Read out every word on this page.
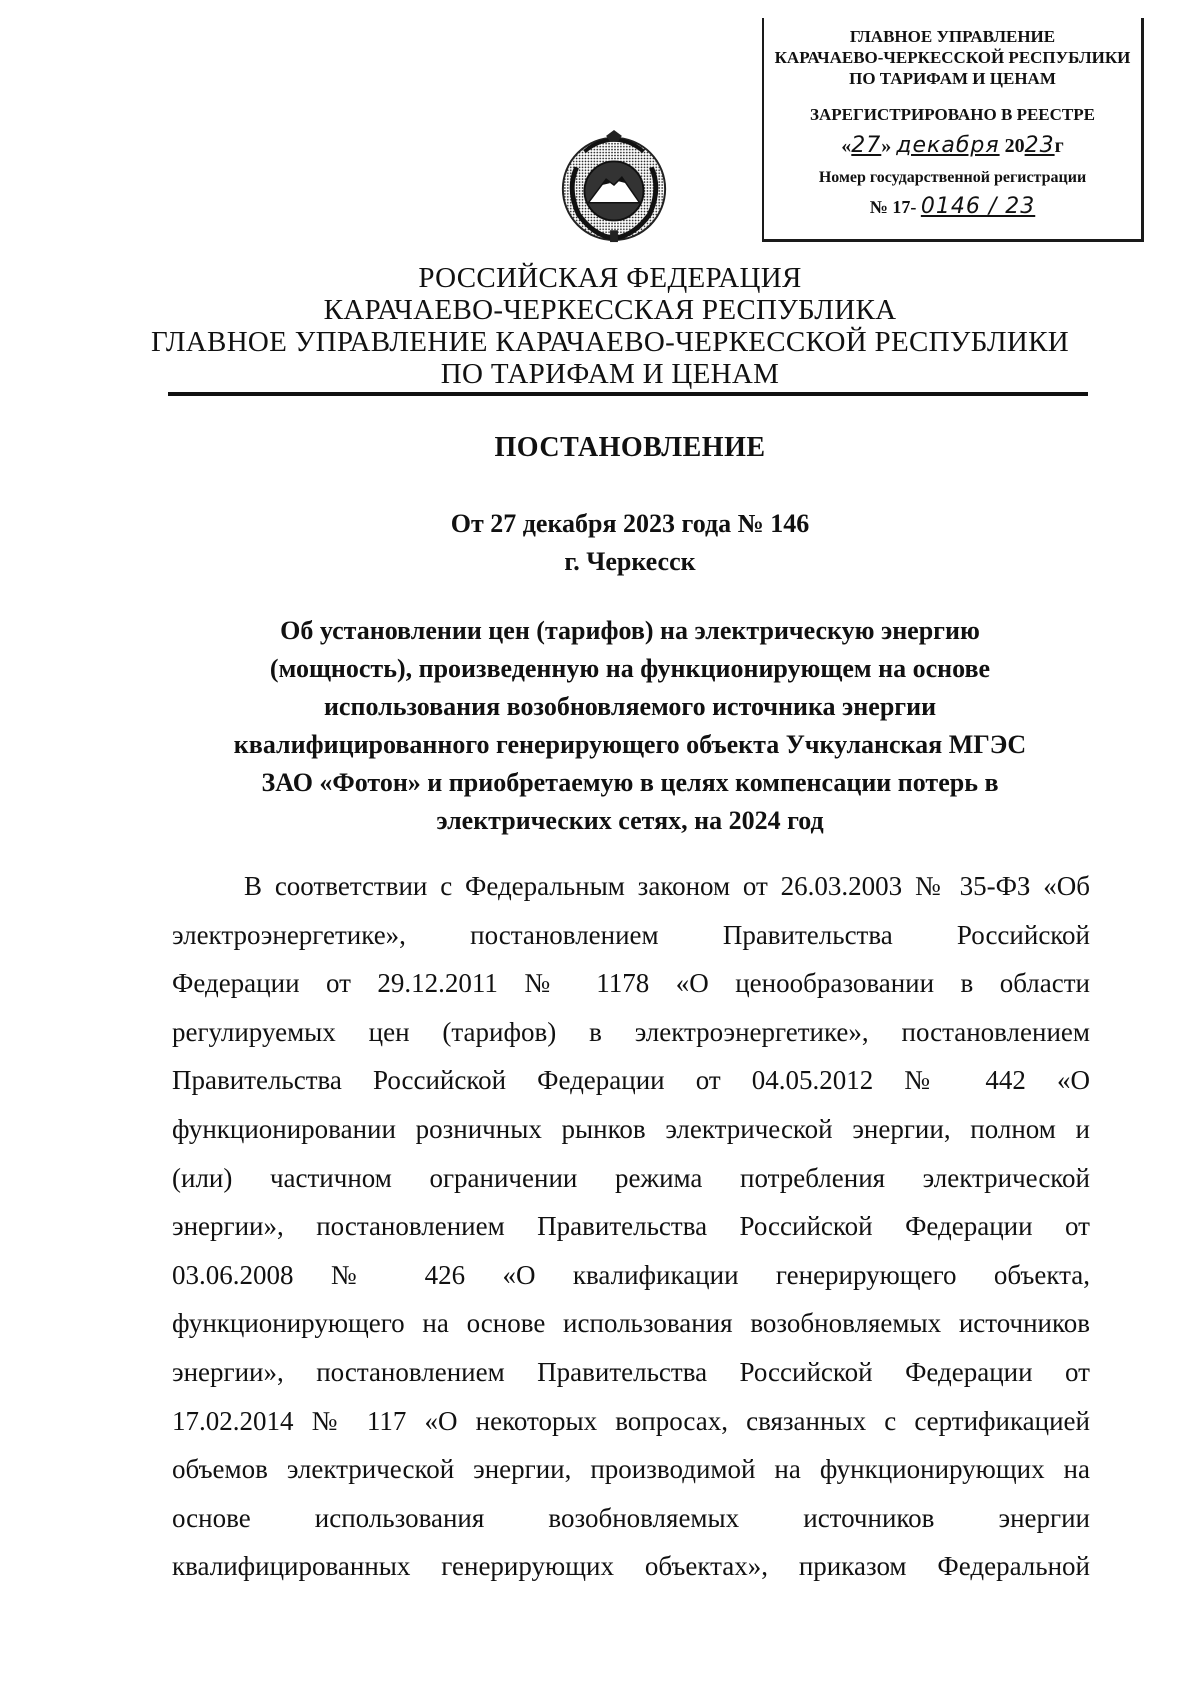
ГЛАВНОЕ УПРАВЛЕНИЕ
КАРАЧАЕВО-ЧЕРКЕССКОЙ РЕСПУБЛИКИ
ПО ТАРИФАМ И ЦЕНАМ
ЗАРЕГИСТРИРОВАНО В РЕЕСТРЕ
«27» декабря 2023г
Номер государственной регистрации
№ 17- 0146 / 23
РОССИЙСКАЯ ФЕДЕРАЦИЯ
КАРАЧАЕВО-ЧЕРКЕССКАЯ РЕСПУБЛИКА
ГЛАВНОЕ УПРАВЛЕНИЕ КАРАЧАЕВО-ЧЕРКЕССКОЙ РЕСПУБЛИКИ
ПО ТАРИФАМ И ЦЕНАМ
ПОСТАНОВЛЕНИЕ
От 27 декабря 2023 года № 146
г. Черкесск
Об установлении цен (тарифов) на электрическую энергию
(мощность), произведенную на функционирующем на основе
использования возобновляемого источника энергии
квалифицированного генерирующего объекта Учкуланская МГЭС
ЗАО «Фотон» и приобретаемую в целях компенсации потерь в
электрических сетях, на 2024 год
В соответствии с Федеральным законом от 26.03.2003 № 35-ФЗ «Об
электроэнергетике», постановлением Правительства Российской
Федерации от 29.12.2011 № 1178 «О ценообразовании в области
регулируемых цен (тарифов) в электроэнергетике», постановлением
Правительства Российской Федерации от 04.05.2012 № 442 «О
функционировании розничных рынков электрической энергии, полном и
(или) частичном ограничении режима потребления электрической
энергии», постановлением Правительства Российской Федерации от
03.06.2008 № 426 «О квалификации генерирующего объекта,
функционирующего на основе использования возобновляемых источников
энергии», постановлением Правительства Российской Федерации от
17.02.2014 № 117 «О некоторых вопросах, связанных с сертификацией
объемов электрической энергии, производимой на функционирующих на
основе использования возобновляемых источников энергии
квалифицированных генерирующих объектах», приказом Федеральной
